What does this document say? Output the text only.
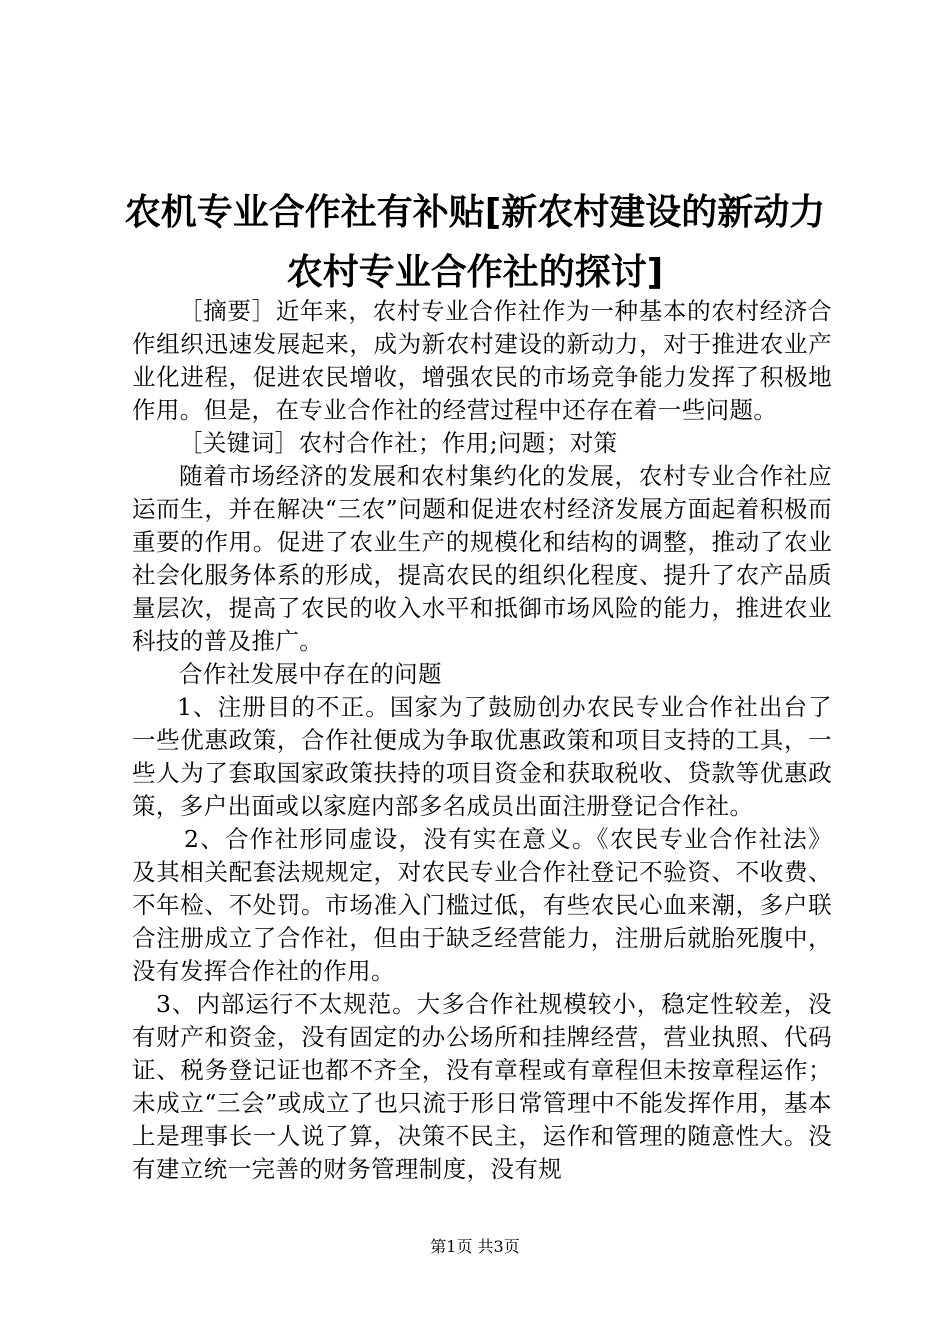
农机专业合作社有补贴[新农村建设的新动力
农村专业合作社的探讨]

［摘要］近年来，农村专业合作社作为一种基本的农村经济合作组织迅速发展起来，成为新农村建设的新动力，对于推进农业产业化进程，促进农民增收，增强农民的市场竞争能力发挥了积极地作用。但是，在专业合作社的经营过程中还存在着一些问题。

［关键词］农村合作社；作用;问题；对策

随着市场经济的发展和农村集约化的发展，农村专业合作社应运而生，并在解决“三农”问题和促进农村经济发展方面起着积极而重要的作用。促进了农业生产的规模化和结构的调整，推动了农业社会化服务体系的形成，提高农民的组织化程度、提升了农产品质量层次，提高了农民的收入水平和抵御市场风险的能力，推进农业科技的普及推广。

合作社发展中存在的问题

1、注册目的不正。国家为了鼓励创办农民专业合作社出台了一些优惠政策，合作社便成为争取优惠政策和项目支持的工具，一些人为了套取国家政策扶持的项目资金和获取税收、贷款等优惠政策，多户出面或以家庭内部多名成员出面注册登记合作社。

2、合作社形同虚设，没有实在意义。《农民专业合作社法》及其相关配套法规规定，对农民专业合作社登记不验资、不收费、不年检、不处罚。市场准入门槛过低，有些农民心血来潮，多户联合注册成立了合作社，但由于缺乏经营能力，注册后就胎死腹中，没有发挥合作社的作用。

3、内部运行不太规范。大多合作社规模较小，稳定性较差，没有财产和资金，没有固定的办公场所和挂牌经营，营业执照、代码证、税务登记证也都不齐全，没有章程或有章程但未按章程运作；未成立“三会”或成立了也只流于形日常管理中不能发挥作用，基本上是理事长一人说了算，决策不民主，运作和管理的随意性大。没有建立统一完善的财务管理制度，没有规

第1页 共3页
